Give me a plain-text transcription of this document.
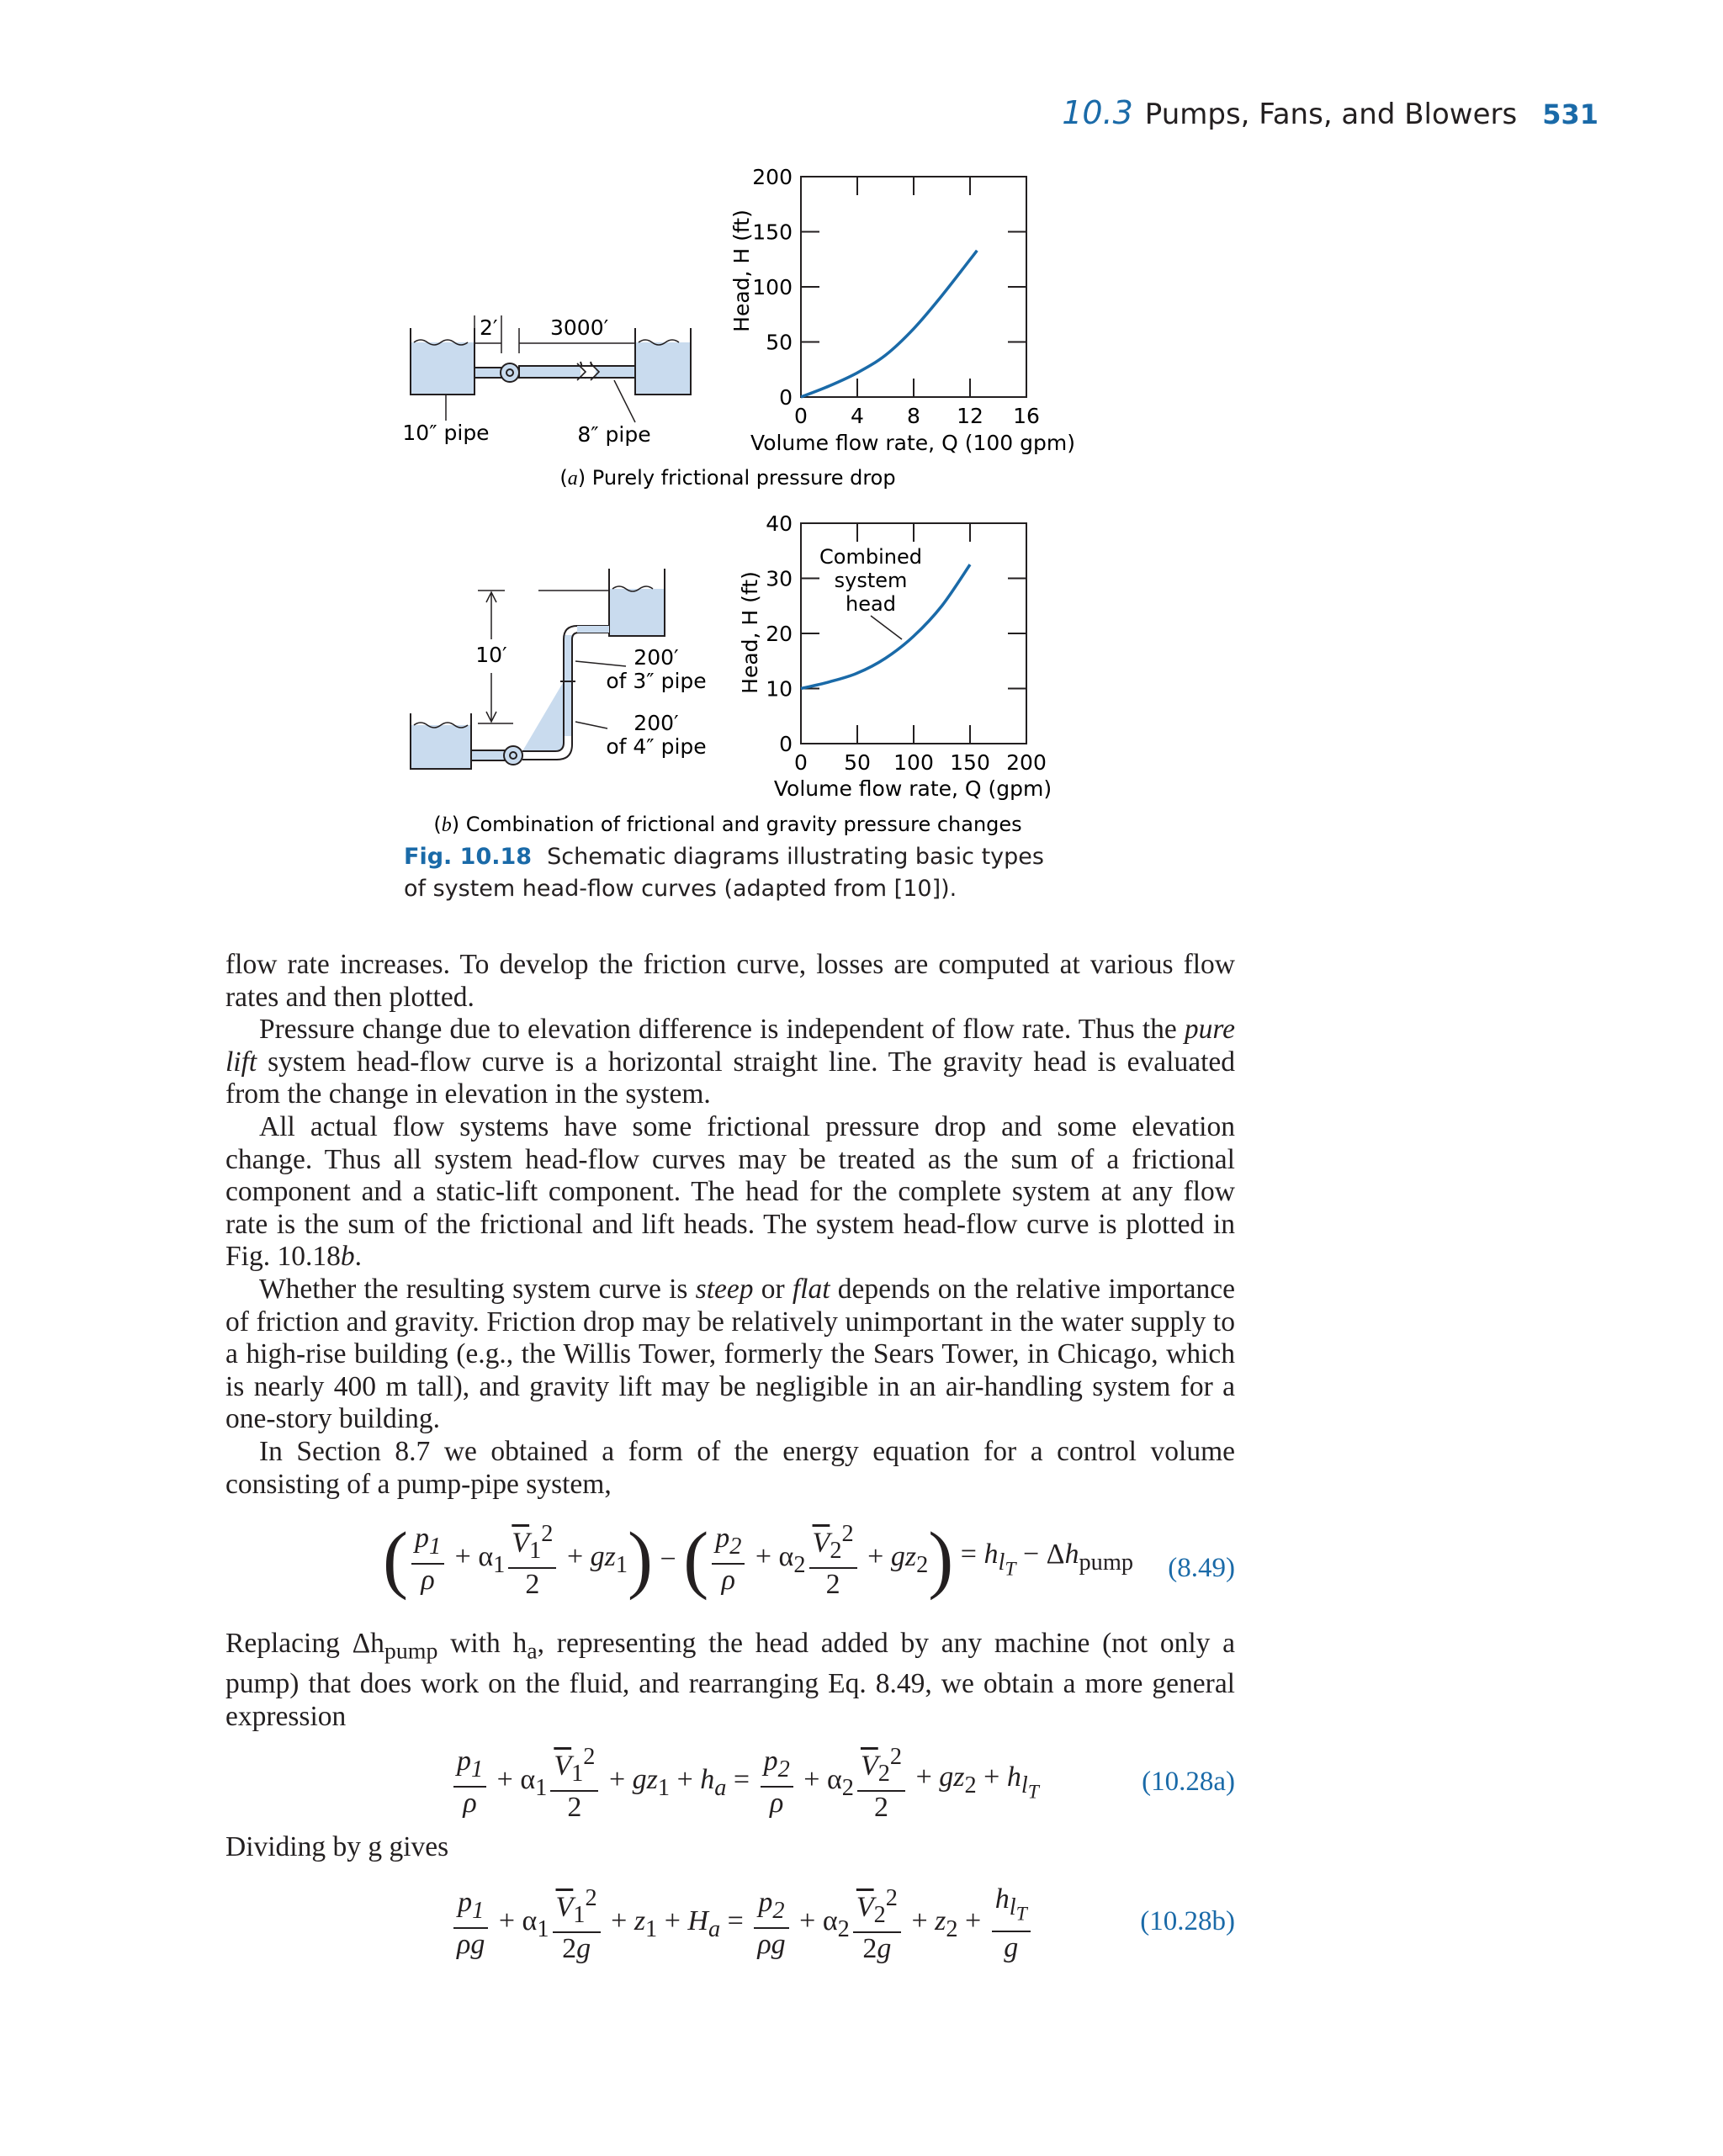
10.3 Pumps, Fans, and Blowers 531
2′ 3000′
10″ pipe	8″ pipe
0 4 8 12 16
0
50
100
150
200
Head, H (ft)
Volume flow rate, Q (100 gpm)
(a) Purely frictional pressure drop
10′	200′
of 3″ pipe
200′
of 4″ pipe
0 50 100 150 200
0
10
20
30
40
Head, H (ft)
Volume flow rate, Q (gpm)
Combined
system
head
(b) Combination of frictional and gravity pressure changes
Fig. 10.18 Schematic diagrams illustrating basic types of system head-flow curves (adapted from [10]).

flow rate increases. To develop the friction curve, losses are computed at various flow rates and then plotted.

Pressure change due to elevation difference is independent of flow rate. Thus the pure lift system head-flow curve is a horizontal straight line. The gravity head is evaluated from the change in elevation in the system.

All actual flow systems have some frictional pressure drop and some elevation change. Thus all system head-flow curves may be treated as the sum of a frictional component and a static-lift component. The head for the complete system at any flow rate is the sum of the frictional and lift heads. The system head-flow curve is plotted in Fig. 10.18b.

Whether the resulting system curve is steep or flat depends on the relative importance of friction and gravity. Friction drop may be relatively unimportant in the water supply to a high-rise building (e.g., the Willis Tower, formerly the Sears Tower, in Chicago, which is nearly 400 m tall), and gravity lift may be negligible in an air-handling system for a one-story building.

In Section 8.7 we obtained a form of the energy equation for a control volume consisting of a pump-pipe system,

( $\frac{p_1}{\rho} + \alpha_1 \frac{\overline{V}_1^2}{2} + gz_1$) − ( $\frac{p_2}{\rho} + \alpha_2 \frac{\overline{V}_2^2}{2} + gz_2) = h_{l_T} - \Delta h_{pump}$	(8.49)
Replacing $\Delta h_{pump}$ with $h_a$, representing the head added by any machine (not only a pump) that does work on the fluid, and rearranging Eq. 8.49, we obtain a more general expression
$\frac{p_1}{\rho} + \alpha_1 \frac{\overline{V}_1^2}{2} + gz_1 + h_a = \frac{p_2}{\rho} + \alpha_2 \frac{\overline{V}_2^2}{2} + gz_2 + h_{l_T}$	(10.28a)
Dividing by g gives
$\frac{p_1}{\rho g} + \alpha_1 \frac{\overline{V}_1^2}{2g} + z_1 + H_a = \frac{p_2}{\rho g} + \alpha_2 \frac{\overline{V}_2^2}{2g} + z_2 + \frac{h_{l_T}}{g}$	(10.28b)
